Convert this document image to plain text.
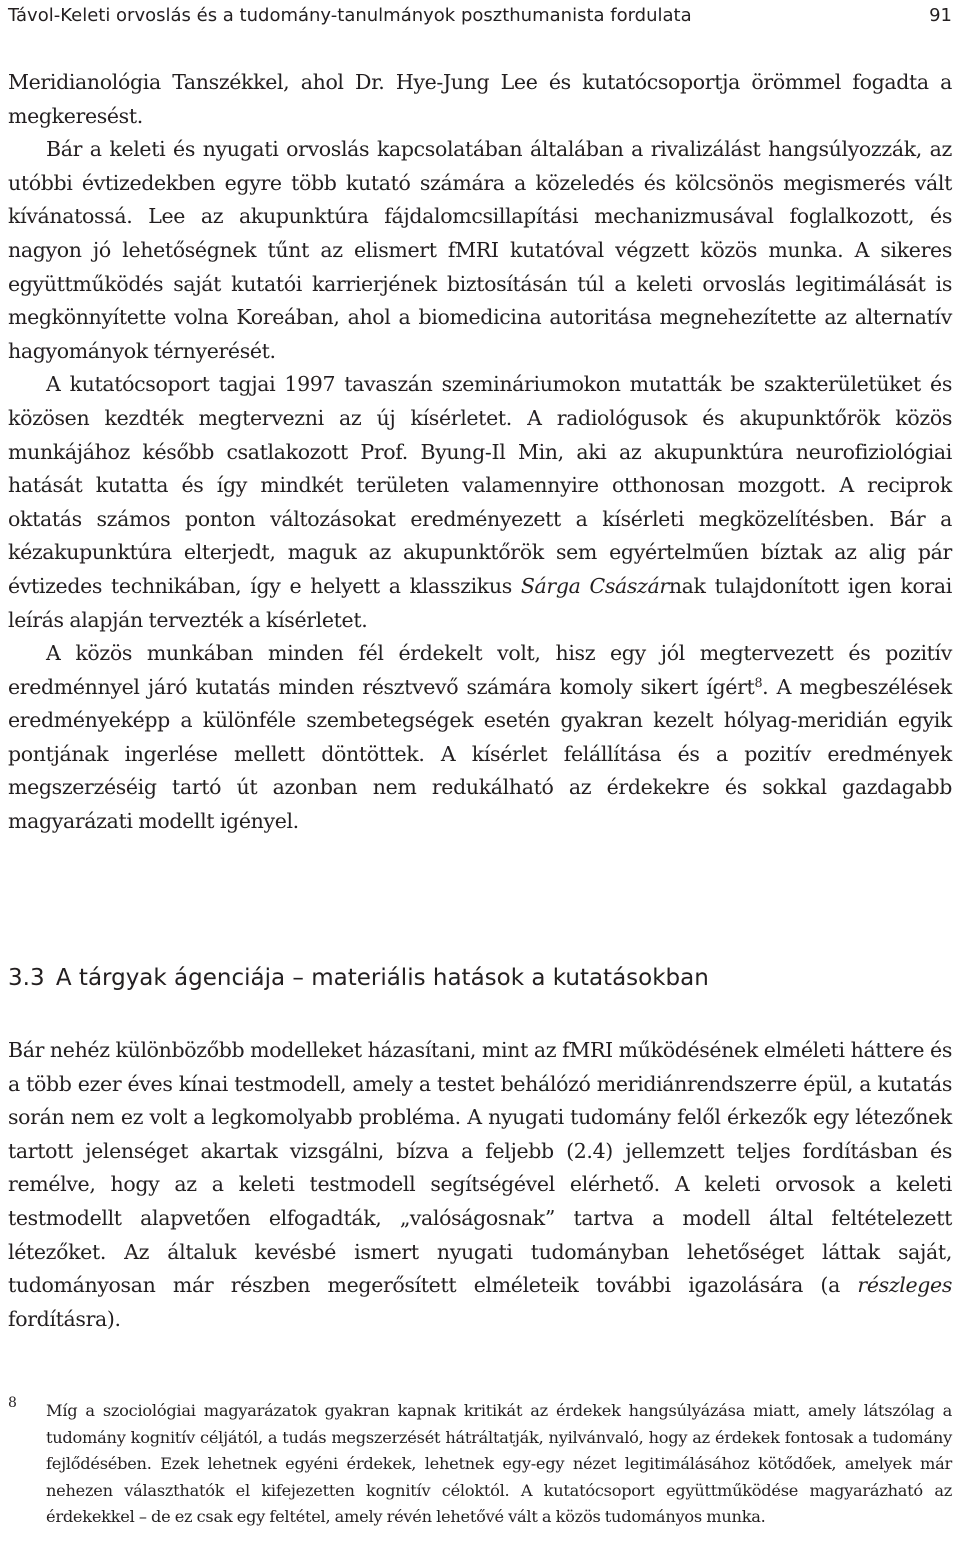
Távol-Keleti orvoslás és a tudomány-tanulmányok poszthumanista fordulata	91

Meridianológia Tanszékkel, ahol Dr. Hye-Jung Lee és kutatócsoportja örömmel fogadta a megkeresést.

Bár a keleti és nyugati orvoslás kapcsolatában általában a rivalizálást hangsúlyozzák, az utóbbi évtizedekben egyre több kutató számára a közeledés és kölcsönös megismerés vált kívánatossá. Lee az akupunktúra fájdalomcsillapítási mechanizmusával foglalkozott, és nagyon jó lehetőségnek tűnt az elismert fMRI kutatóval végzett közös munka. A sikeres együttműködés saját kutatói karrierjének biztosításán túl a keleti orvoslás legitimálását is megkönnyítette volna Koreában, ahol a biomedicina autoritása megnehezítette az alternatív hagyományok térnyerését.

A kutatócsoport tagjai 1997 tavaszán szemináriumokon mutatták be szakterületüket és közösen kezdték megtervezni az új kísérletet. A radiológusok és akupunktőrök közös munkájához később csatlakozott Prof. Byung-Il Min, aki az akupunktúra neurofiziológiai hatását kutatta és így mindkét területen valamennyire otthonosan mozgott. A reciprok oktatás számos ponton változásokat eredményezett a kísérleti megközelítésben. Bár a kézakupunktúra elterjedt, maguk az akupunktőrök sem egyértelműen bíztak az alig pár évtizedes technikában, így e helyett a klasszikus Sárga Császárnak tulajdonított igen korai leírás alapján tervezték a kísérletet.

A közös munkában minden fél érdekelt volt, hisz egy jól megtervezett és pozitív eredménnyel járó kutatás minden résztvevő számára komoly sikert ígért$^8$. A megbeszélések eredményeképp a különféle szembetegségek esetén gyakran kezelt hólyag-meridián egyik pontjának ingerlése mellett döntöttek. A kísérlet felállítása és a pozitív eredmények megszerzéséig tartó út azonban nem redukálható az érdekekre és sokkal gazdagabb magyarázati modellt igényel.

3.3 A tárgyak ágenciája – materiális hatások a kutatásokban

Bár nehéz különbözőbb modelleket házasítani, mint az fMRI működésének elméleti háttere és a több ezer éves kínai testmodell, amely a testet behálózó meridiánrendszerre épül, a kutatás során nem ez volt a legkomolyabb probléma. A nyugati tudomány felől érkezők egy létezőnek tartott jelenséget akartak vizsgálni, bízva a feljebb (2.4) jellemzett teljes fordításban és remélve, hogy az a keleti testmodell segítségével elérhető. A keleti orvosok a keleti testmodellt alapvetően elfogadták, „valóságosnak” tartva a modell által feltételezett létezőket. Az általuk kevésbé ismert nyugati tudományban lehetőséget láttak saját, tudományosan már részben megerősített elméleteik további igazolására (a részleges fordításra).

8 Míg a szociológiai magyarázatok gyakran kapnak kritikát az érdekek hangsúlyázása miatt, amely látszólag a tudomány kognitív céljától, a tudás megszerzését hátráltatják, nyilvánvaló, hogy az érdekek fontosak a tudomány fejlődésében. Ezek lehetnek egyéni érdekek, lehetnek egy-egy nézet legitimálásához kötődőek, amelyek már nehezen választhatók el kifejezetten kognitív céloktól. A kutatócsoport együttműködése magyarázható az érdekekkel – de ez csak egy feltétel, amely révén lehetővé vált a közös tudományos munka.
